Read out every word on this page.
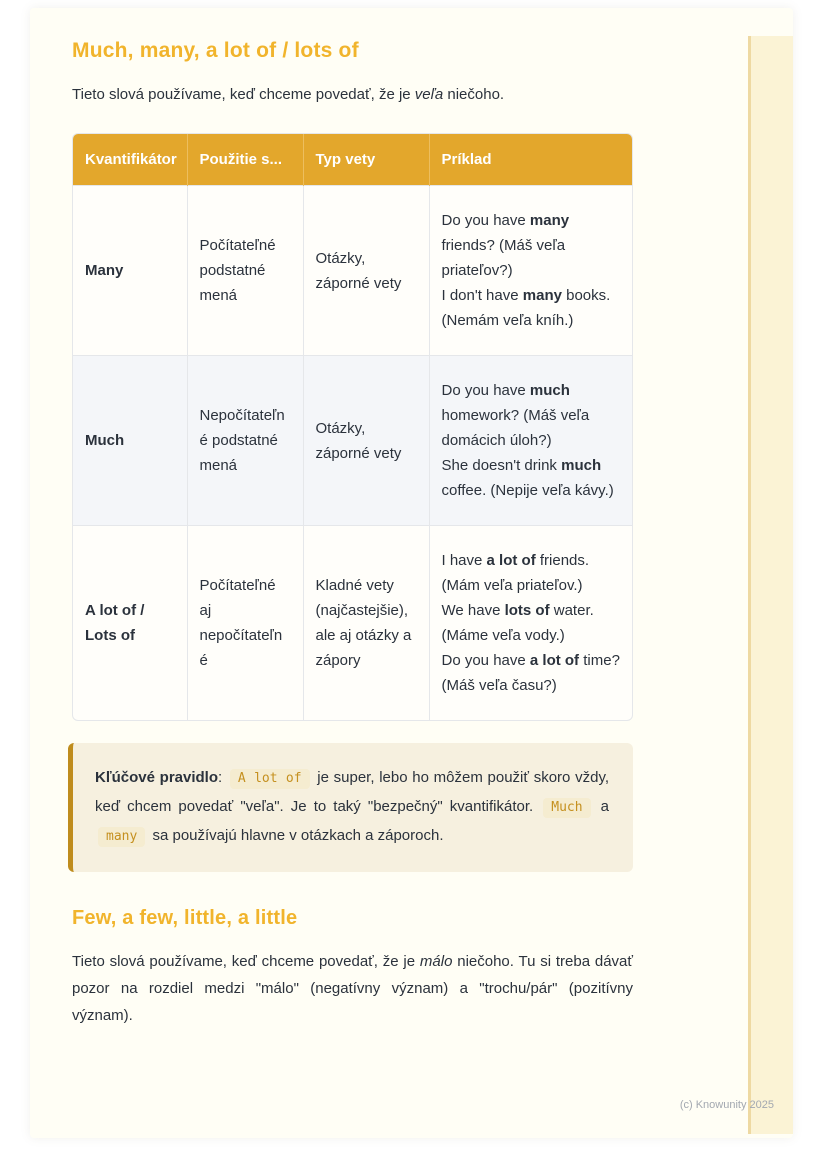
Much, many, a lot of / lots of

Tieto slová používame, keď chceme povedať, že je veľa niečoho.

Kvantifikátor	Použitie s...	Typ vety	Príklad
Many	Počítateľné podstatné mená	Otázky, záporné vety	Do you have many friends? (Máš veľa priateľov?)
I don't have many books. (Nemám veľa kníh.)
Much	Nepočítateľné podstatné mená	Otázky, záporné vety	Do you have much homework? (Máš veľa domácich úloh?)
She doesn't drink much coffee. (Nepije veľa kávy.)
A lot of / Lots of	Počítateľné aj nepočítateľné	Kladné vety (najčastejšie), ale aj otázky a zápory	I have a lot of friends. (Mám veľa priateľov.)
We have lots of water. (Máme veľa vody.)
Do you have a lot of time? (Máš veľa času?)
Kľúčové pravidlo: A lot of je super, lebo ho môžem použiť skoro vždy, keď chcem povedať "veľa". Je to taký "bezpečný" kvantifikátor. Much a many sa používajú hlavne v otázkach a záporoch.
Few, a few, little, a little

Tieto slová používame, keď chceme povedať, že je málo niečoho. Tu si treba dávať pozor na rozdiel medzi "málo" (negatívny význam) a "trochu/pár" (pozitívny význam).

(c) Knowunity 2025
